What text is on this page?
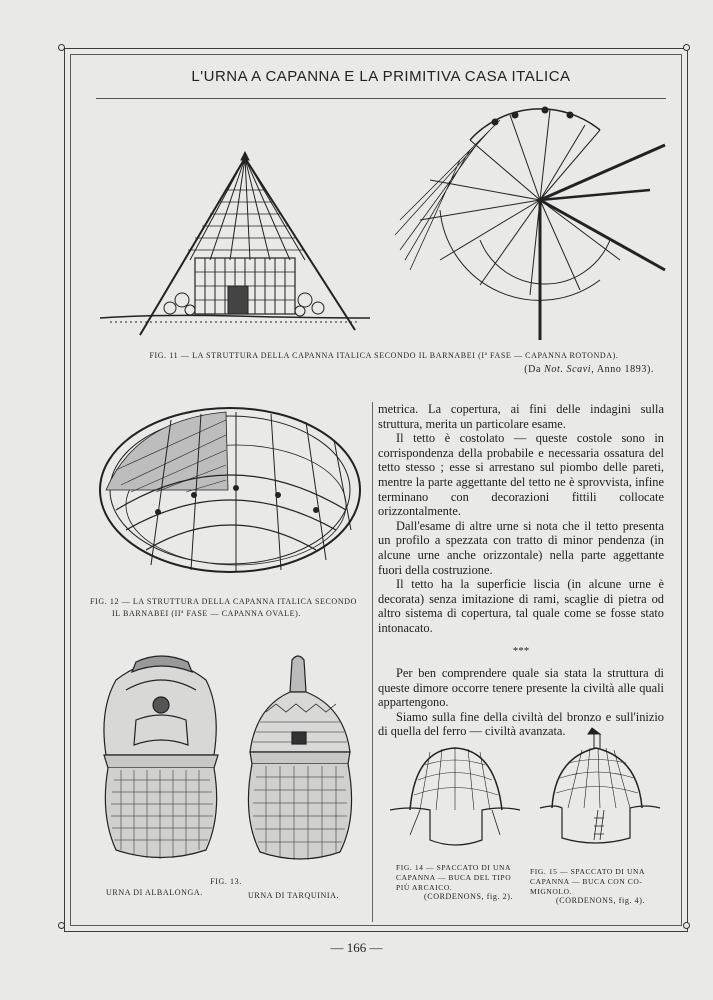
L'URNA A CAPANNA E LA PRIMITIVA CASA ITALICA
FIG. 11 — LA STRUTTURA DELLA CAPANNA ITALICA SECONDO IL BARNABEI (Iª FASE — CAPANNA ROTONDA).
(Da Not. Scavi, Anno 1893).
FIG. 12 — LA STRUTTURA DELLA CAPANNA ITALICA SECONDO
IL BARNABEI (IIª FASE — CAPANNA OVALE).
FIG. 13.
URNA DI ALBALONGA.	URNA DI TARQUINIA.

metrica. La copertura, ai fini delle indagini sulla struttura, merita un particolare esame.

Il tetto è costolato — queste costole sono in corrispondenza della probabile e necessaria ossatura del tetto stesso ; esse si arrestano sul piombo delle pareti, mentre la parte aggettante del tetto ne è sprovvista, infine terminano con decorazioni fittili collocate orizzontalmente.

Dall'esame di altre urne si nota che il tetto presenta un profilo a spezzata con tratto di minor pendenza (in alcune urne anche orizzontale) nella parte aggettante fuori della costruzione.

Il tetto ha la superficie liscia (in alcune urne è decorata) senza imitazione di rami, scaglie di pietra od altro sistema di copertura, tal quale come se fosse stato intonacato.

***

Per ben comprendere quale sia stata la struttura di queste dimore occorre tenere presente la civiltà alle quali appartengono.

Siamo sulla fine della civiltà del bronzo e sull'inizio di quella del ferro — civiltà avanzata.

FIG. 14 — SPACCATO DI UNA
CAPANNA — BUCA DEL TIPO
PIÙ ARCAICO.
(CORDENONS, fig. 2).
FIG. 15 — SPACCATO DI UNA
CAPANNA — BUCA CON CO-
MIGNOLO.
(CORDENONS, fig. 4).
— 166 —
